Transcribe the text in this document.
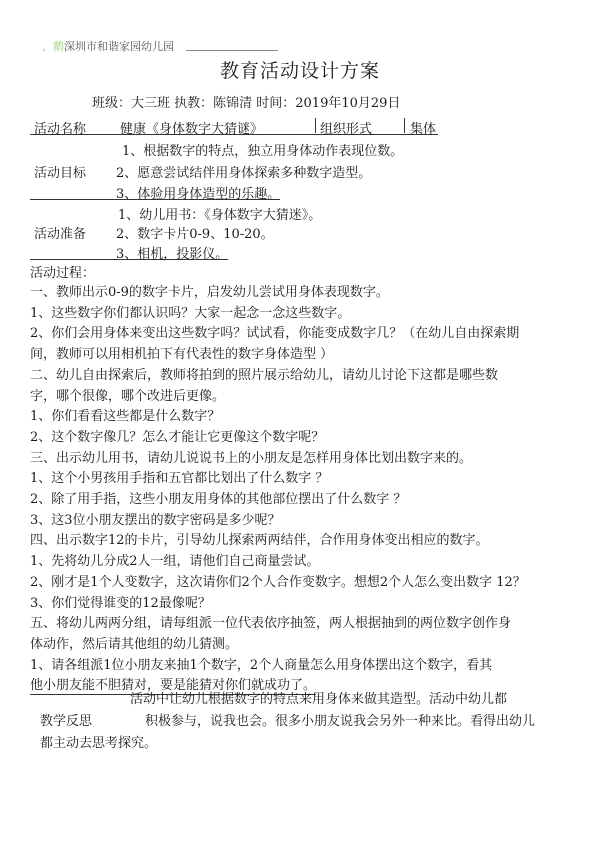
、鹅深圳市和谐家园幼儿园
教育活动设计方案
班级：大三班 执教：陈锦清 时间：2019年10月29日
活动名称	健康《身体数字大猜谜》	组织形式	集体
1、根据数字的特点，独立用身体动作表现位数。
活动目标 2、愿意尝试结伴用身体探索多种数字造型。
3、体验用身体造型的乐趣。
1、幼儿用书：《身体数字大猜迷》。
活动准备 2、数字卡片0-9、10-20。
3、相机，投影仪。
活动过程：
一、教师出示0-9的数字卡片，启发幼儿尝试用身体表现数字。
1、这些数字你们都认识吗？大家一起念一念这些数字。
2、你们会用身体来变出这些数字吗？试试看，你能变成数字几？（在幼儿自由探索期
间，教师可以用相机拍下有代表性的数字身体造型 ）
二、幼儿自由探索后，教师将拍到的照片展示给幼儿，请幼儿讨论下这都是哪些数
字，哪个很像，哪个改进后更像。
1、你们看看这些都是什么数字？
2、这个数字像几？怎么才能让它更像这个数字呢？
三、出示幼儿用书，请幼儿说说书上的小朋友是怎样用身体比划出数字来的。
1、这个小男孩用手指和五官都比划出了什么数字 ？
2、除了用手指，这些小朋友用身体的其他部位摆出了什么数字 ？
3、这3位小朋友摆出的数字密码是多少呢？
四、出示数字12的卡片，引导幼儿探索两两结伴，合作用身体变出相应的数字。
1、先将幼儿分成2人一组，请他们自己商量尝试。
2、刚才是1个人变数字，这次请你们2个人合作变数字。想想2个人怎么变出数字 12？
3、你们觉得谁变的12最像呢？
五、将幼儿两两分组，请每组派一位代表依序抽签，两人根据抽到的两位数字创作身
体动作，然后请其他组的幼儿猜测。
1、请各组派1位小朋友来抽1个数字，2个人商量怎么用身体摆出这个数字，看其
他小朋友能不胆猜对，要是能猜对你们就成功了。
活动中让幼儿根据数字的特点来用身体来做其造型。活动中幼儿都
教学反思	积极参与，说我也会。很多小朋友说我会另外一种来比。看得出幼儿
都主动去思考探究。
